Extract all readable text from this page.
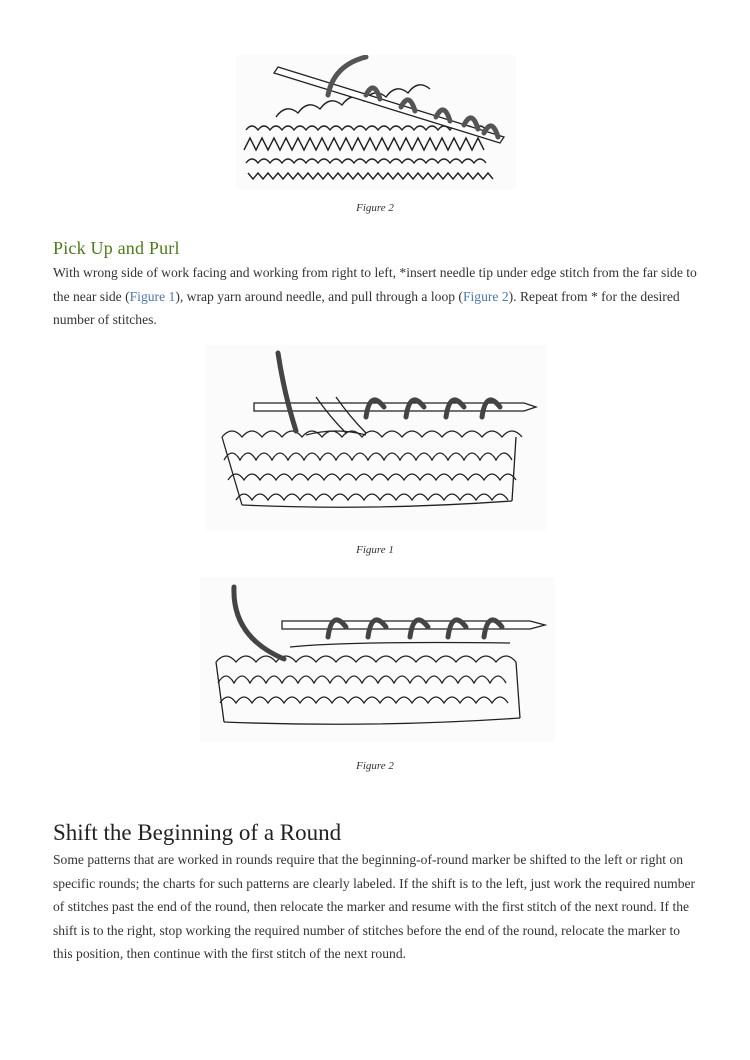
Figure 2
Pick Up and Purl

With wrong side of work facing and working from right to left, *insert needle tip under edge stitch from the far side to the near side (Figure 1), wrap yarn around needle, and pull through a loop (Figure 2). Repeat from * for the desired number of stitches.

Figure 1
Figure 2
Shift the Beginning of a Round

Some patterns that are worked in rounds require that the beginning-of-round marker be shifted to the left or right on specific rounds; the charts for such patterns are clearly labeled. If the shift is to the left, just work the required number of stitches past the end of the round, then relocate the marker and resume with the first stitch of the next round. If the shift is to the right, stop working the required number of stitches before the end of the round, relocate the marker to this position, then continue with the first stitch of the next round.
